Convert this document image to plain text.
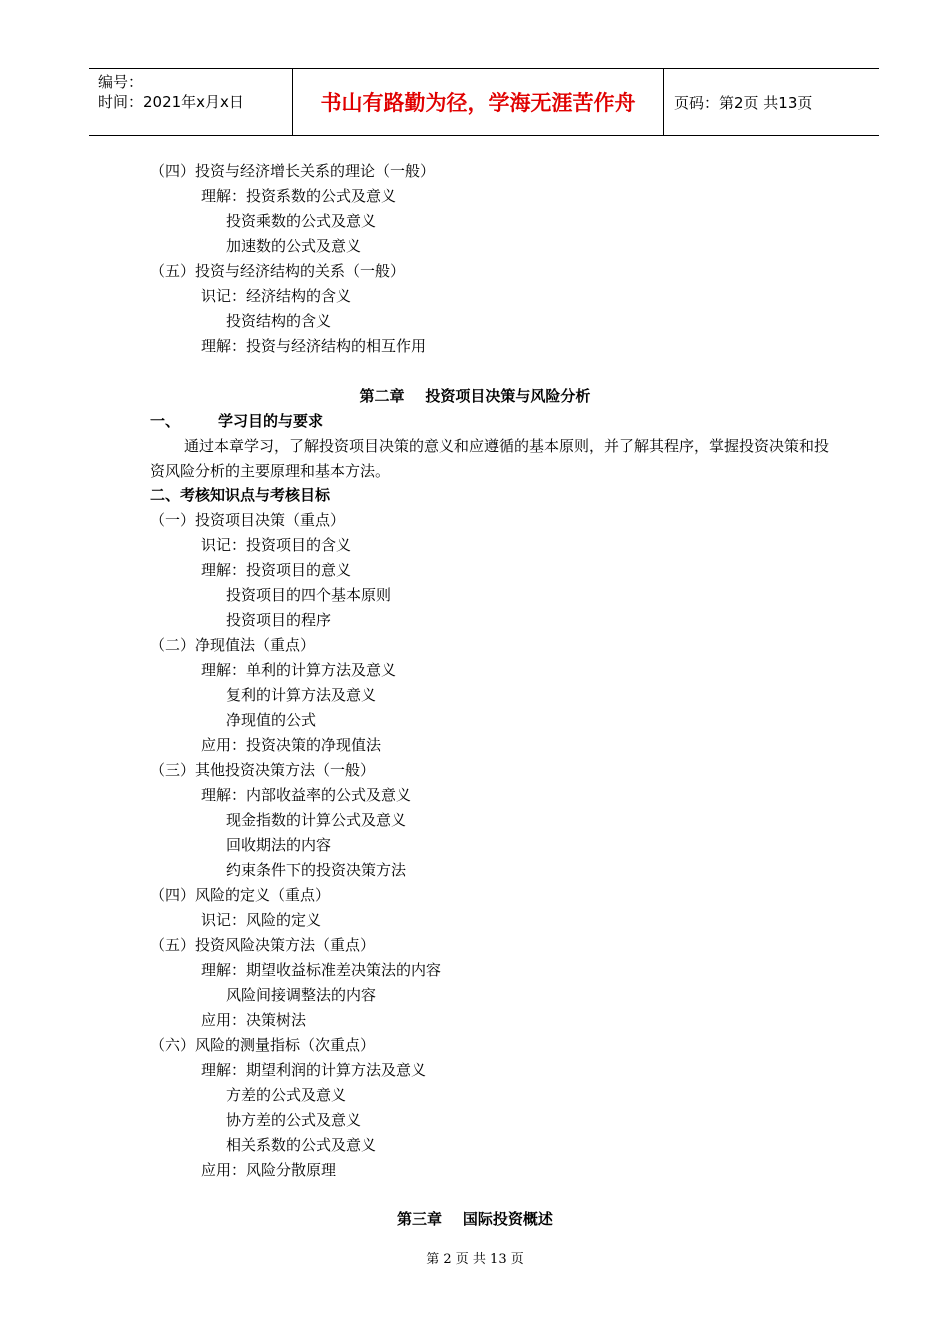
编号：
时间：2021年x月x日	书山有路勤为径，学海无涯苦作舟	页码：第2页 共13页
（四）投资与经济增长关系的理论（一般）
理解：投资系数的公式及意义
投资乘数的公式及意义
加速数的公式及意义
（五）投资与经济结构的关系（一般）
识记：经济结构的含义
投资结构的含义
理解：投资与经济结构的相互作用
第二章    投资项目决策与风险分析
一、	学习目的与要求
通过本章学习，了解投资项目决策的意义和应遵循的基本原则，并了解其程序，掌握投资决策和投资风险分析的主要原理和基本方法。
二、考核知识点与考核目标
（一）投资项目决策（重点）
识记：投资项目的含义
理解：投资项目的意义
投资项目的四个基本原则
投资项目的程序
（二）净现值法（重点）
理解：单利的计算方法及意义
复利的计算方法及意义
净现值的公式
应用：投资决策的净现值法
（三）其他投资决策方法（一般）
理解：内部收益率的公式及意义
现金指数的计算公式及意义
回收期法的内容
约束条件下的投资决策方法
（四）风险的定义（重点）
识记：风险的定义
（五）投资风险决策方法（重点）
理解：期望收益标准差决策法的内容
风险间接调整法的内容
应用：决策树法
（六）风险的测量指标（次重点）
理解：期望利润的计算方法及意义
方差的公式及意义
协方差的公式及意义
相关系数的公式及意义
应用：风险分散原理
第三章    国际投资概述
第 2 页 共 13 页
